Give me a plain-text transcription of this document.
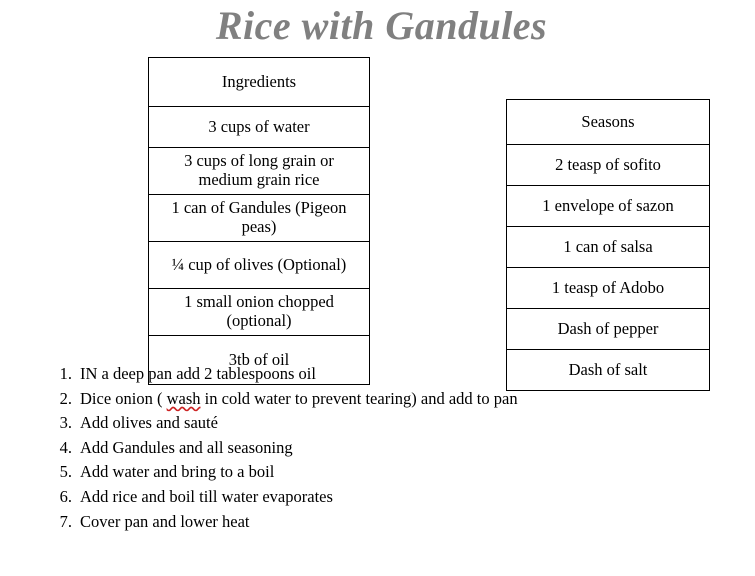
Rice with Gandules
Ingredients
3 cups of water
3 cups of long grain or medium grain rice
1 can of Gandules (Pigeon peas)
¼ cup of olives (Optional)
1 small onion chopped (optional)
3tb of oil
Seasons
2 teasp of sofito
1 envelope of sazon
1 can of salsa
1 teasp of Adobo
Dash of pepper
Dash of salt
IN a deep pan add 2 tablespoons oil
Dice onion ( wash in cold water to prevent tearing) and add to pan
Add olives and sauté
Add Gandules and all seasoning
Add water and bring to a boil
Add rice and boil till water evaporates
Cover pan and lower heat
